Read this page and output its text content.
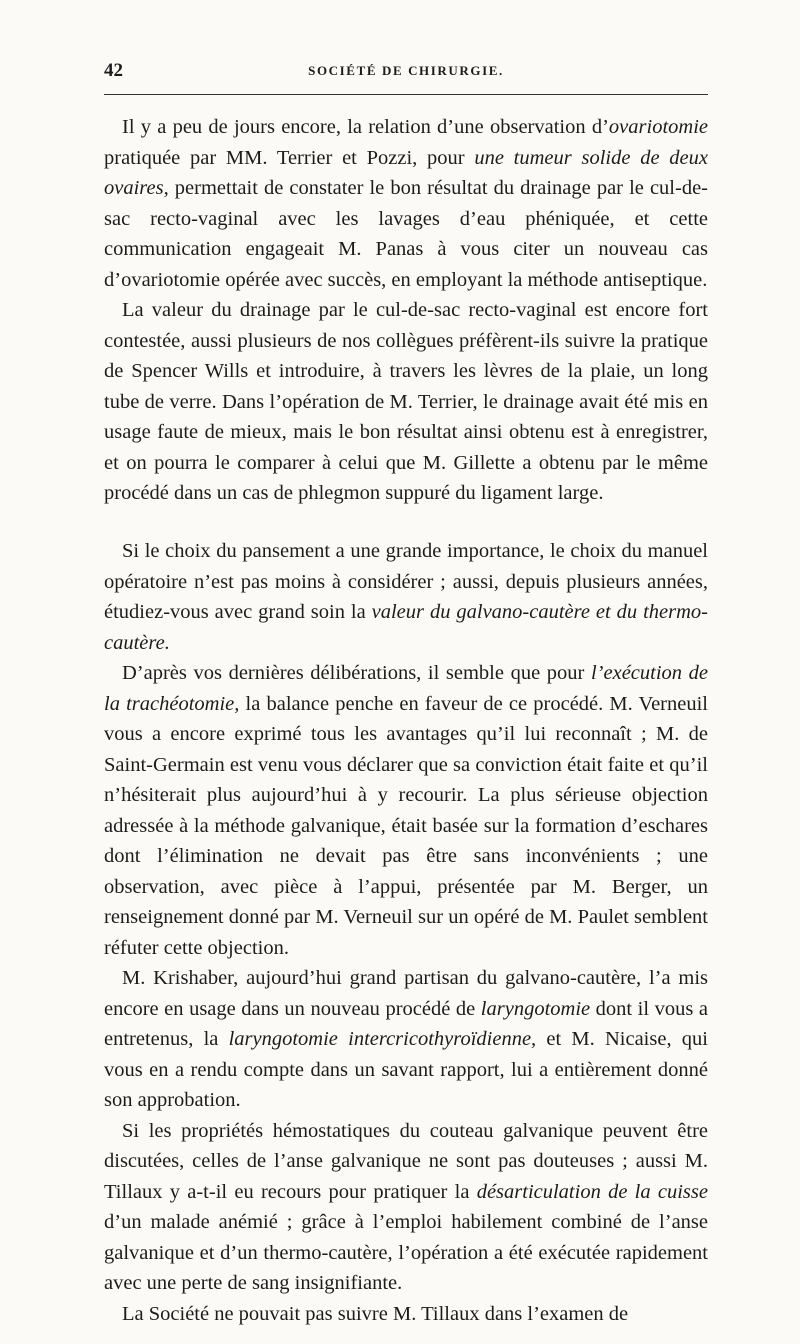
42	SOCIÉTÉ DE CHIRURGIE.

Il y a peu de jours encore, la relation d’une observation d’ovariotomie pratiquée par MM. Terrier et Pozzi, pour une tumeur solide de deux ovaires, permettait de constater le bon résultat du drainage par le cul-de-sac recto-vaginal avec les lavages d’eau phéniquée, et cette communication engageait M. Panas à vous citer un nouveau cas d’ovariotomie opérée avec succès, en employant la méthode antiseptique.

La valeur du drainage par le cul-de-sac recto-vaginal est encore fort contestée, aussi plusieurs de nos collègues préfèrent-ils suivre la pratique de Spencer Wills et introduire, à travers les lèvres de la plaie, un long tube de verre. Dans l’opération de M. Terrier, le drainage avait été mis en usage faute de mieux, mais le bon résultat ainsi obtenu est à enregistrer, et on pourra le comparer à celui que M. Gillette a obtenu par le même procédé dans un cas de phlegmon suppuré du ligament large.

Si le choix du pansement a une grande importance, le choix du manuel opératoire n’est pas moins à considérer ; aussi, depuis plusieurs années, étudiez-vous avec grand soin la valeur du galvano-cautère et du thermo-cautère.

D’après vos dernières délibérations, il semble que pour l’exécution de la trachéotomie, la balance penche en faveur de ce procédé. M. Verneuil vous a encore exprimé tous les avantages qu’il lui reconnaît ; M. de Saint-Germain est venu vous déclarer que sa conviction était faite et qu’il n’hésiterait plus aujourd’hui à y recourir. La plus sérieuse objection adressée à la méthode galvanique, était basée sur la formation d’eschares dont l’élimination ne devait pas être sans inconvénients ; une observation, avec pièce à l’appui, présentée par M. Berger, un renseignement donné par M. Verneuil sur un opéré de M. Paulet semblent réfuter cette objection.

M. Krishaber, aujourd’hui grand partisan du galvano-cautère, l’a mis encore en usage dans un nouveau procédé de laryngotomie dont il vous a entretenus, la laryngotomie intercricothyroïdienne, et M. Nicaise, qui vous en a rendu compte dans un savant rapport, lui a entièrement donné son approbation.

Si les propriétés hémostatiques du couteau galvanique peuvent être discutées, celles de l’anse galvanique ne sont pas douteuses ; aussi M. Tillaux y a-t-il eu recours pour pratiquer la désarticulation de la cuisse d’un malade anémié ; grâce à l’emploi habilement combiné de l’anse galvanique et d’un thermo-cautère, l’opération a été exécutée rapidement avec une perte de sang insignifiante.

La Société ne pouvait pas suivre M. Tillaux dans l’examen de
